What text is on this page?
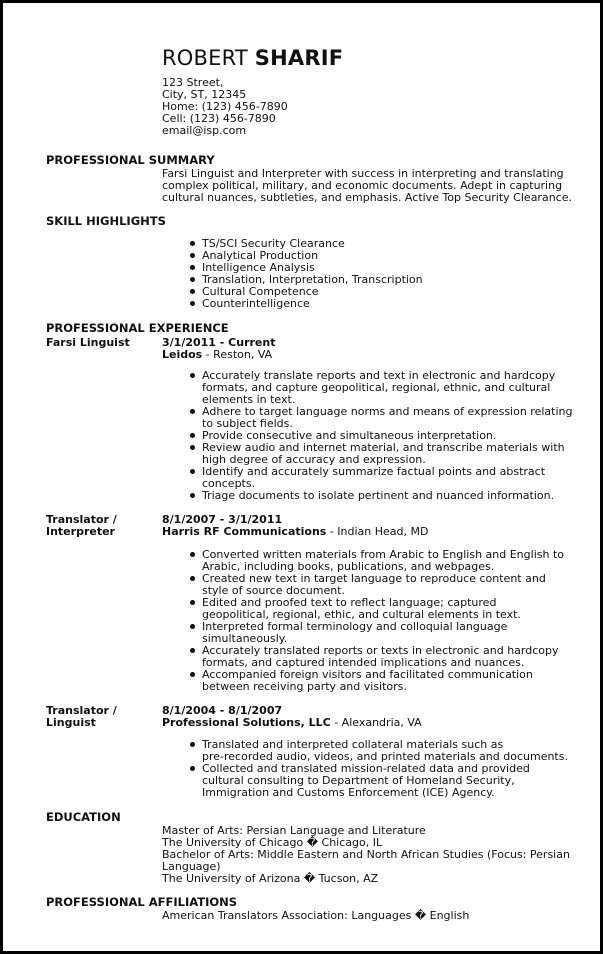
ROBERT SHARIF
123 Street,
City, ST, 12345
Home: (123) 456-7890
Cell: (123) 456-7890
email@isp.com
PROFESSIONAL SUMMARY
Farsi Linguist and Interpreter with success in interpreting and translating
complex political, military, and economic documents. Adept in capturing
cultural nuances, subtleties, and emphasis. Active Top Security Clearance.
SKILL HIGHLIGHTS
TS/SCI Security Clearance
Analytical Production
Intelligence Analysis
Translation, Interpretation, Transcription
Cultural Competence
Counterintelligence
PROFESSIONAL EXPERIENCE
Farsi Linguist	3/1/2011 - Current
Leidos - Reston, VA
Accurately translate reports and text in electronic and hardcopy
formats, and capture geopolitical, regional, ethnic, and cultural
elements in text.
Adhere to target language norms and means of expression relating
to subject fields.
Provide consecutive and simultaneous interpretation.
Review audio and internet material, and transcribe materials with
high degree of accuracy and expression.
Identify and accurately summarize factual points and abstract
concepts.
Triage documents to isolate pertinent and nuanced information.
Translator / Interpreter
8/1/2007 - 3/1/2011
Harris RF Communications - Indian Head, MD
Converted written materials from Arabic to English and English to
Arabic, including books, publications, and webpages.
Created new text in target language to reproduce content and
style of source document.
Edited and proofed text to reflect language; captured
geopolitical, regional, ethic, and cultural elements in text.
Interpreted formal terminology and colloquial language
simultaneously.
Accurately translated reports or texts in electronic and hardcopy
formats, and captured intended implications and nuances.
Accompanied foreign visitors and facilitated communication
between receiving party and visitors.
Translator / Linguist
8/1/2004 - 8/1/2007
Professional Solutions, LLC - Alexandria, VA
Translated and interpreted collateral materials such as
pre-recorded audio, videos, and printed materials and documents.
Collected and translated mission-related data and provided
cultural consulting to Department of Homeland Security,
Immigration and Customs Enforcement (ICE) Agency.
EDUCATION
Master of Arts: Persian Language and Literature
The University of Chicago � Chicago, IL
Bachelor of Arts: Middle Eastern and North African Studies (Focus: Persian
Language)
The University of Arizona � Tucson, AZ
PROFESSIONAL AFFILIATIONS
American Translators Association: Languages � English
